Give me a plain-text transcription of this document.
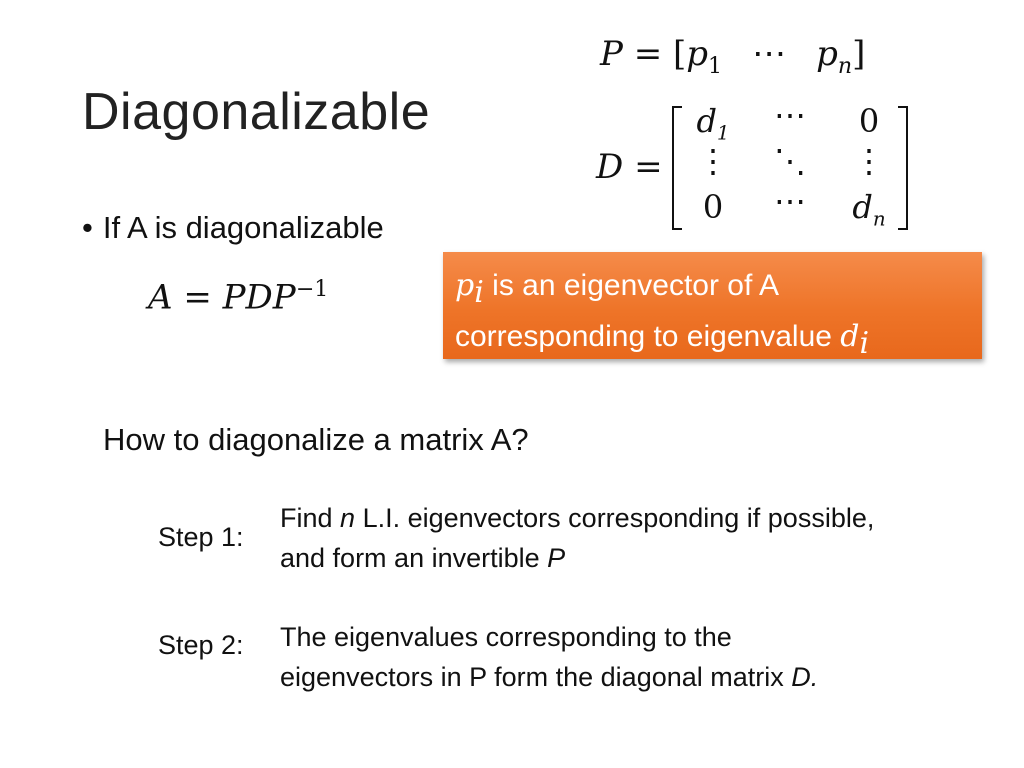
Diagonalizable
• If A is diagonalizable
$A = PDP^{-1}$
$P = [p_1$ ⋯ $p_n$]
D =
$d_1$	⋯	0
⋮	⋱	⋮
0	⋯	$d_n$
$p_i$ is an eigenvector of A
corresponding to eigenvalue $d_i$
How to diagonalize a matrix A?
Step 1:
Find n L.I. eigenvectors corresponding if possible,
and form an invertible P
Step 2: The eigenvalues corresponding to the
eigenvectors in P form the diagonal matrix D.
